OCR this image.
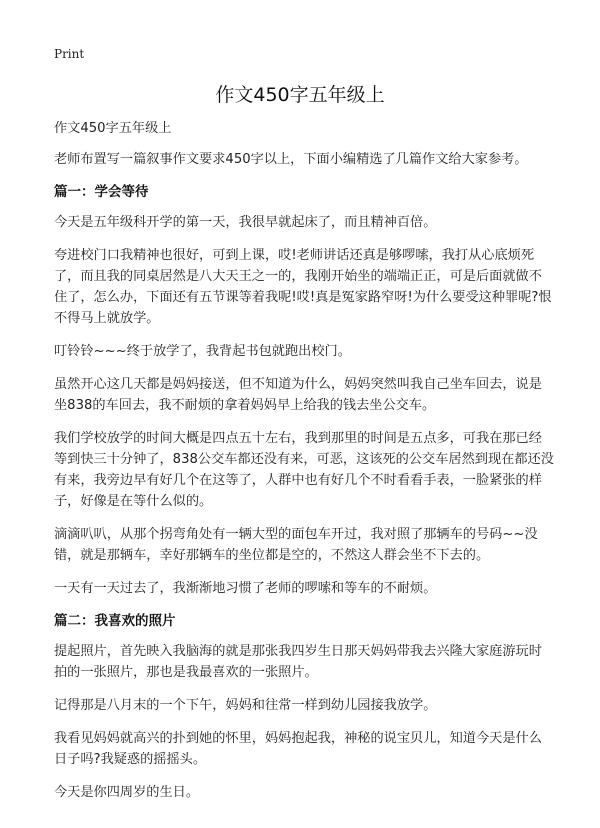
Print
作文450字五年级上

作文450字五年级上

老师布置写一篇叙事作文要求450字以上，下面小编精选了几篇作文给大家参考。

篇一：学会等待

今天是五年级科开学的第一天，我很早就起床了，而且精神百倍。

夸进校门口我精神也很好，可到上课，哎!老师讲话还真是够啰嗦，我打从心底烦死了，而且我的同桌居然是八大天王之一的，我刚开始坐的端端正正，可是后面就做不住了，怎么办，下面还有五节课等着我呢!哎!真是冤家路窄呀!为什么要受这种罪呢?恨不得马上就放学。

叮铃铃~~~终于放学了，我背起书包就跑出校门。

虽然开心这几天都是妈妈接送，但不知道为什么，妈妈突然叫我自己坐车回去，说是坐838的车回去，我不耐烦的拿着妈妈早上给我的钱去坐公交车。

我们学校放学的时间大概是四点五十左右，我到那里的时间是五点多，可我在那已经等到快三十分钟了，838公交车都还没有来，可恶，这该死的公交车居然到现在都还没有来，我旁边早有好几个在这等了，人群中也有好几个不时看看手表，一脸紧张的样子，好像是在等什么似的。

滴滴叭叭，从那个拐弯角处有一辆大型的面包车开过，我对照了那辆车的号码~~没错，就是那辆车，幸好那辆车的坐位都是空的，不然这人群会坐不下去的。

一天有一天过去了，我渐渐地习惯了老师的啰嗦和等车的不耐烦。

篇二：我喜欢的照片

提起照片，首先映入我脑海的就是那张我四岁生日那天妈妈带我去兴隆大家庭游玩时拍的一张照片，那也是我最喜欢的一张照片。

记得那是八月末的一个下午，妈妈和往常一样到幼儿园接我放学。

我看见妈妈就高兴的扑到她的怀里，妈妈抱起我，神秘的说宝贝儿，知道今天是什么日子吗?我疑惑的摇摇头。

今天是你四周岁的生日。
